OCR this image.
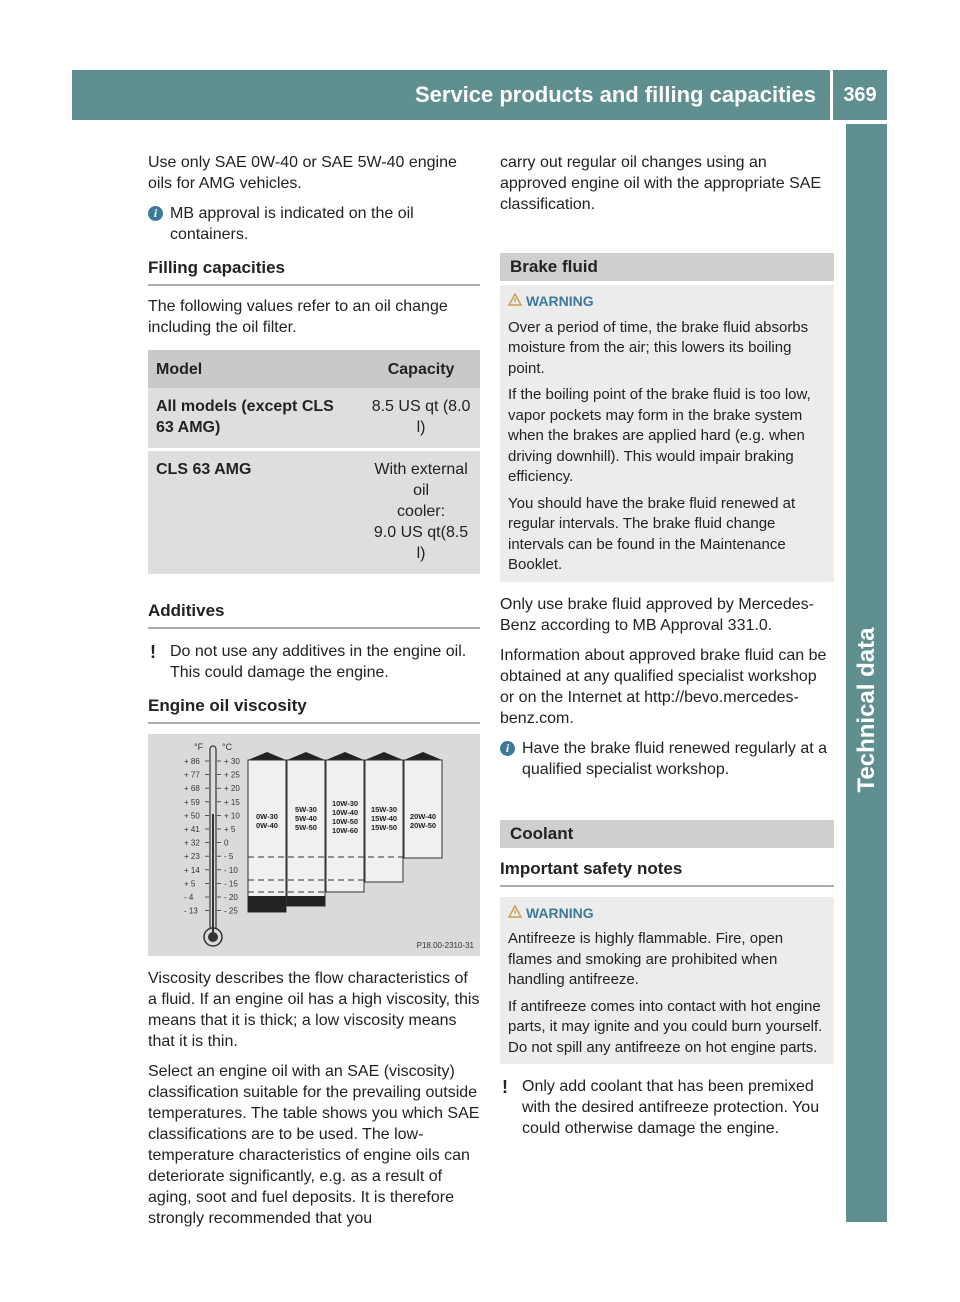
Service products and filling capacities	369
Technical data

Use only SAE 0W-40 or SAE 5W-40 engine oils for AMG vehicles.

i MB approval is indicated on the oil containers.
Filling capacities

The following values refer to an oil change including the oil filter.

Model	Capacity
All models (except CLS 63 AMG)	8.5 US qt (8.0 l)
CLS 63 AMG	With external oil
cooler:
9.0 US qt(8.5 l)
Additives
! Do not use any additives in the engine oil. This could damage the engine.
Engine oil viscosity
°F °C
+ 86	+ 30
+ 77	+ 25
+ 68	+ 20
+ 59	+ 15
+ 50	+ 10
+ 41	+ 5
+ 32	0
+ 23	- 5
+ 14	- 10
+ 5	- 15
- 4	- 20
- 13	- 25
0W-30
0W-40
5W-30
5W-40
5W-50
10W-30
10W-40
10W-50
10W-60
15W-30
15W-40
15W-50
20W-40
20W-50
P18.00-2310-31

Viscosity describes the flow characteristics of a fluid. If an engine oil has a high viscosity, this means that it is thick; a low viscosity means that it is thin.

Select an engine oil with an SAE (viscosity) classification suitable for the prevailing outside temperatures. The table shows you which SAE classifications are to be used. The low-temperature characteristics of engine oils can deteriorate significantly, e.g. as a result of aging, soot and fuel deposits. It is therefore strongly recommended that you

carry out regular oil changes using an approved engine oil with the appropriate SAE classification.

Brake fluid
WARNING

Over a period of time, the brake fluid absorbs moisture from the air; this lowers its boiling point.

If the boiling point of the brake fluid is too low, vapor pockets may form in the brake system when the brakes are applied hard (e.g. when driving downhill). This would impair braking efficiency.

You should have the brake fluid renewed at regular intervals. The brake fluid change intervals can be found in the Maintenance Booklet.

Only use brake fluid approved by Mercedes-Benz according to MB Approval 331.0.

Information about approved brake fluid can be obtained at any qualified specialist workshop or on the Internet at http://bevo.mercedes-benz.com.

i Have the brake fluid renewed regularly at a qualified specialist workshop.
Coolant
Important safety notes
WARNING

Antifreeze is highly flammable. Fire, open flames and smoking are prohibited when handling antifreeze.

If antifreeze comes into contact with hot engine parts, it may ignite and you could burn yourself. Do not spill any antifreeze on hot engine parts.

! Only add coolant that has been premixed with the desired antifreeze protection. You could otherwise damage the engine.
